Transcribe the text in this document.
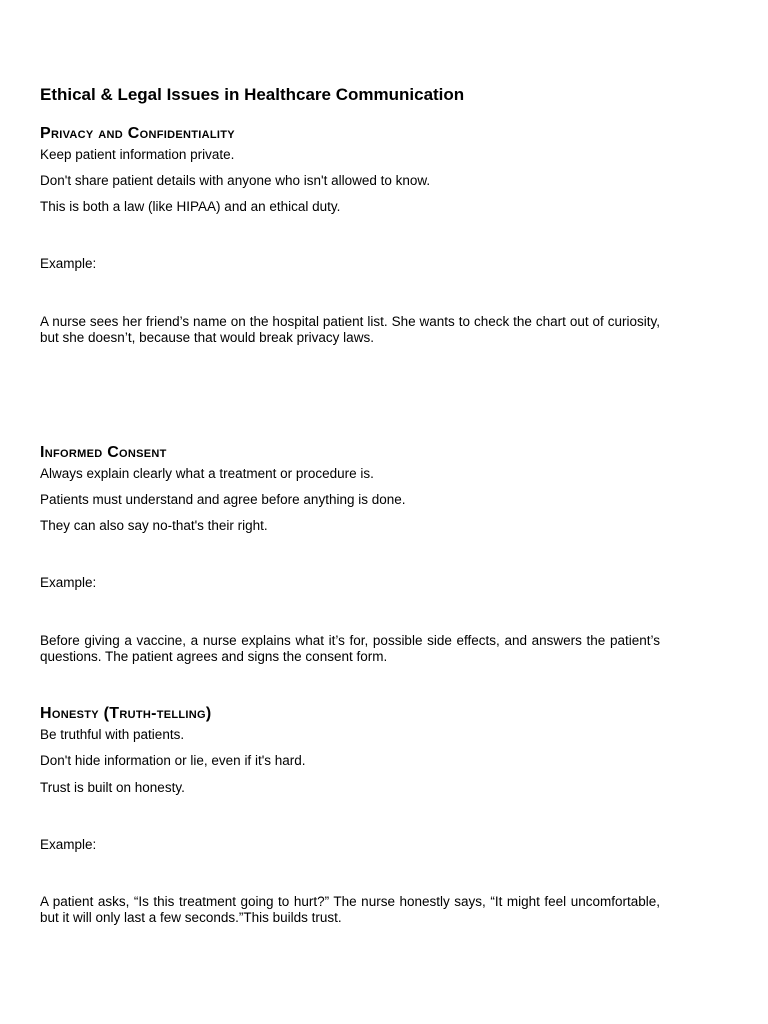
Ethical & Legal Issues in Healthcare Communication
Privacy and Confidentiality
Keep patient information private.
Don't share patient details with anyone who isn't allowed to know.
This is both a law (like HIPAA) and an ethical duty.
Example:
A nurse sees her friend’s name on the hospital patient list. She wants to check the chart out of curiosity, but she doesn’t, because that would break privacy laws.
Informed Consent
Always explain clearly what a treatment or procedure is.
Patients must understand and agree before anything is done.
They can also say no-that's their right.
Example:
Before giving a vaccine, a nurse explains what it’s for, possible side effects, and answers the patient’s questions. The patient agrees and signs the consent form.
Honesty (Truth-telling)
Be truthful with patients.
Don't hide information or lie, even if it's hard.
Trust is built on honesty.
Example:
A patient asks, “Is this treatment going to hurt?” The nurse honestly says, “It might feel uncomfortable, but it will only last a few seconds.”This builds trust.
